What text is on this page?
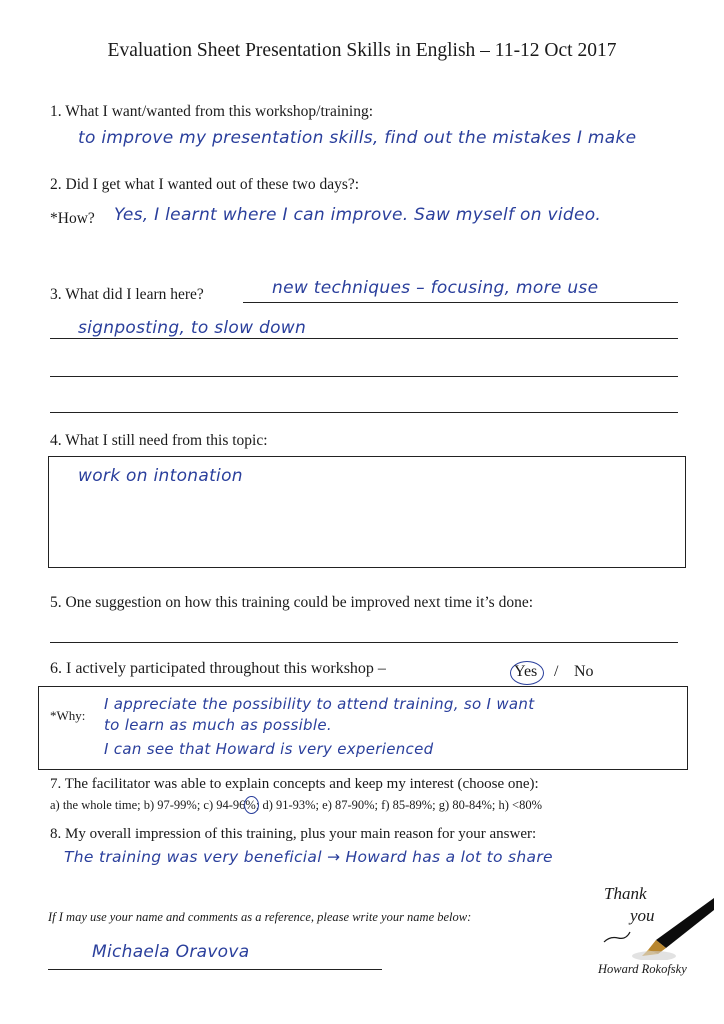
Evaluation Sheet Presentation Skills in English – 11-12 Oct 2017
1. What I want/wanted from this workshop/training:
to improve my presentation skills, find out the mistakes I make
2. Did I get what I wanted out of these two days?:
*How? Yes, I learnt where I can improve. Saw myself on video.
3. What did I learn here?	new techniques – focusing, more use
signposting, to slow down
4. What I still need from this topic:
work on intonation
5. One suggestion on how this training could be improved next time it’s done:
6. I actively participated throughout this workshop –	Yes / No
*Why:
I appreciate the possibility to attend training, so I want
to learn as much as possible.
I can see that Howard is very experienced
7. The facilitator was able to explain concepts and keep my interest (choose one):
a) the whole time; b) 97-99%; c) 94-96%; d) 91-93%; e) 87-90%; f) 85-89%; g) 80-84%; h) <80%
8. My overall impression of this training, plus your main reason for your answer:
The training was very beneficial → Howard has a lot to share
If I may use your name and comments as a reference, please write your name below:
Michaela Oravova
Thank
you
Howard Rokofsky
